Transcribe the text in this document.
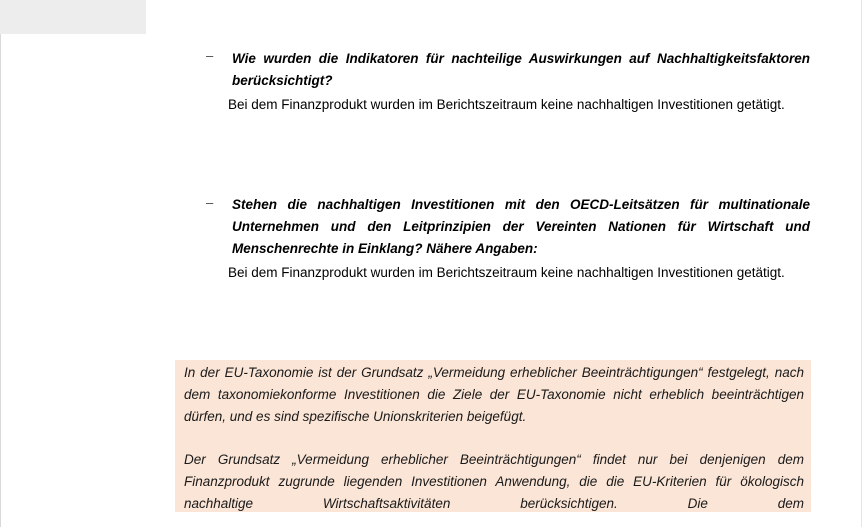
– Wie wurden die Indikatoren für nachteilige Auswirkungen auf Nachhaltigkeitsfaktoren berücksichtigt?
Bei dem Finanzprodukt wurden im Berichtszeitraum keine nachhaltigen Investitionen getätigt.
– Stehen die nachhaltigen Investitionen mit den OECD-Leitsätzen für multinationale Unternehmen und den Leitprinzipien der Vereinten Nationen für Wirtschaft und Menschenrechte in Einklang? Nähere Angaben:
Bei dem Finanzprodukt wurden im Berichtszeitraum keine nachhaltigen Investitionen getätigt.
In der EU-Taxonomie ist der Grundsatz „Vermeidung erheblicher Beeinträchtigungen“ festgelegt, nach dem taxonomiekonforme Investitionen die Ziele der EU-Taxonomie nicht erheblich beeinträchtigen dürfen, und es sind spezifische Unionskriterien beigefügt.
Der Grundsatz „Vermeidung erheblicher Beeinträchtigungen“ findet nur bei denjenigen dem Finanzprodukt zugrunde liegenden Investitionen Anwendung, die die EU-Kriterien für ökologisch nachhaltige Wirtschaftsaktivitäten berücksichtigen. Die dem
